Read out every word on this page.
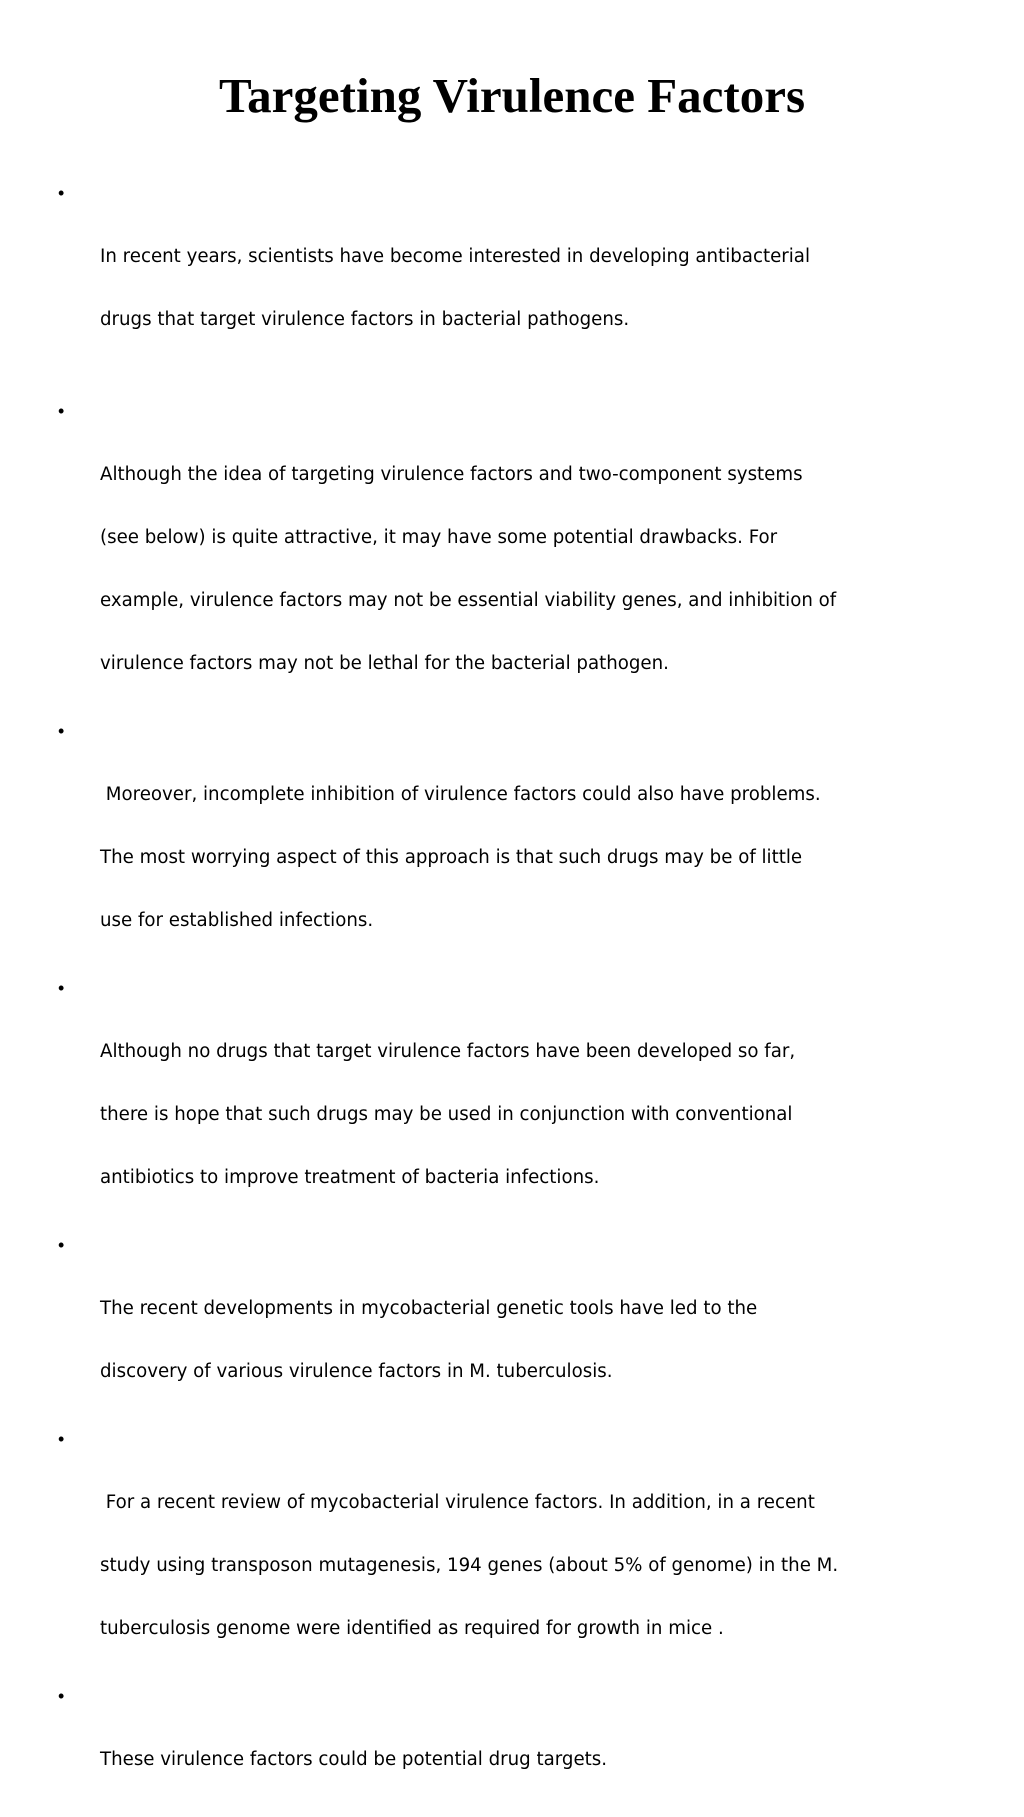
Targeting Virulence Factors

•

In recent years, scientists have become interested in developing antibacterial

drugs that target virulence factors in bacterial pathogens.

•

Although the idea of targeting virulence factors and two-component systems

(see below) is quite attractive, it may have some potential drawbacks. For

example, virulence factors may not be essential viability genes, and inhibition of

virulence factors may not be lethal for the bacterial pathogen.

•

Moreover, incomplete inhibition of virulence factors could also have problems.

The most worrying aspect of this approach is that such drugs may be of little

use for established infections.

•

Although no drugs that target virulence factors have been developed so far,

there is hope that such drugs may be used in conjunction with conventional

antibiotics to improve treatment of bacteria infections.

•

The recent developments in mycobacterial genetic tools have led to the

discovery of various virulence factors in M. tuberculosis.

•

For a recent review of mycobacterial virulence factors. In addition, in a recent

study using transposon mutagenesis, 194 genes (about 5% of genome) in the M.

tuberculosis genome were identified as required for growth in mice .

•

These virulence factors could be potential drug targets.
